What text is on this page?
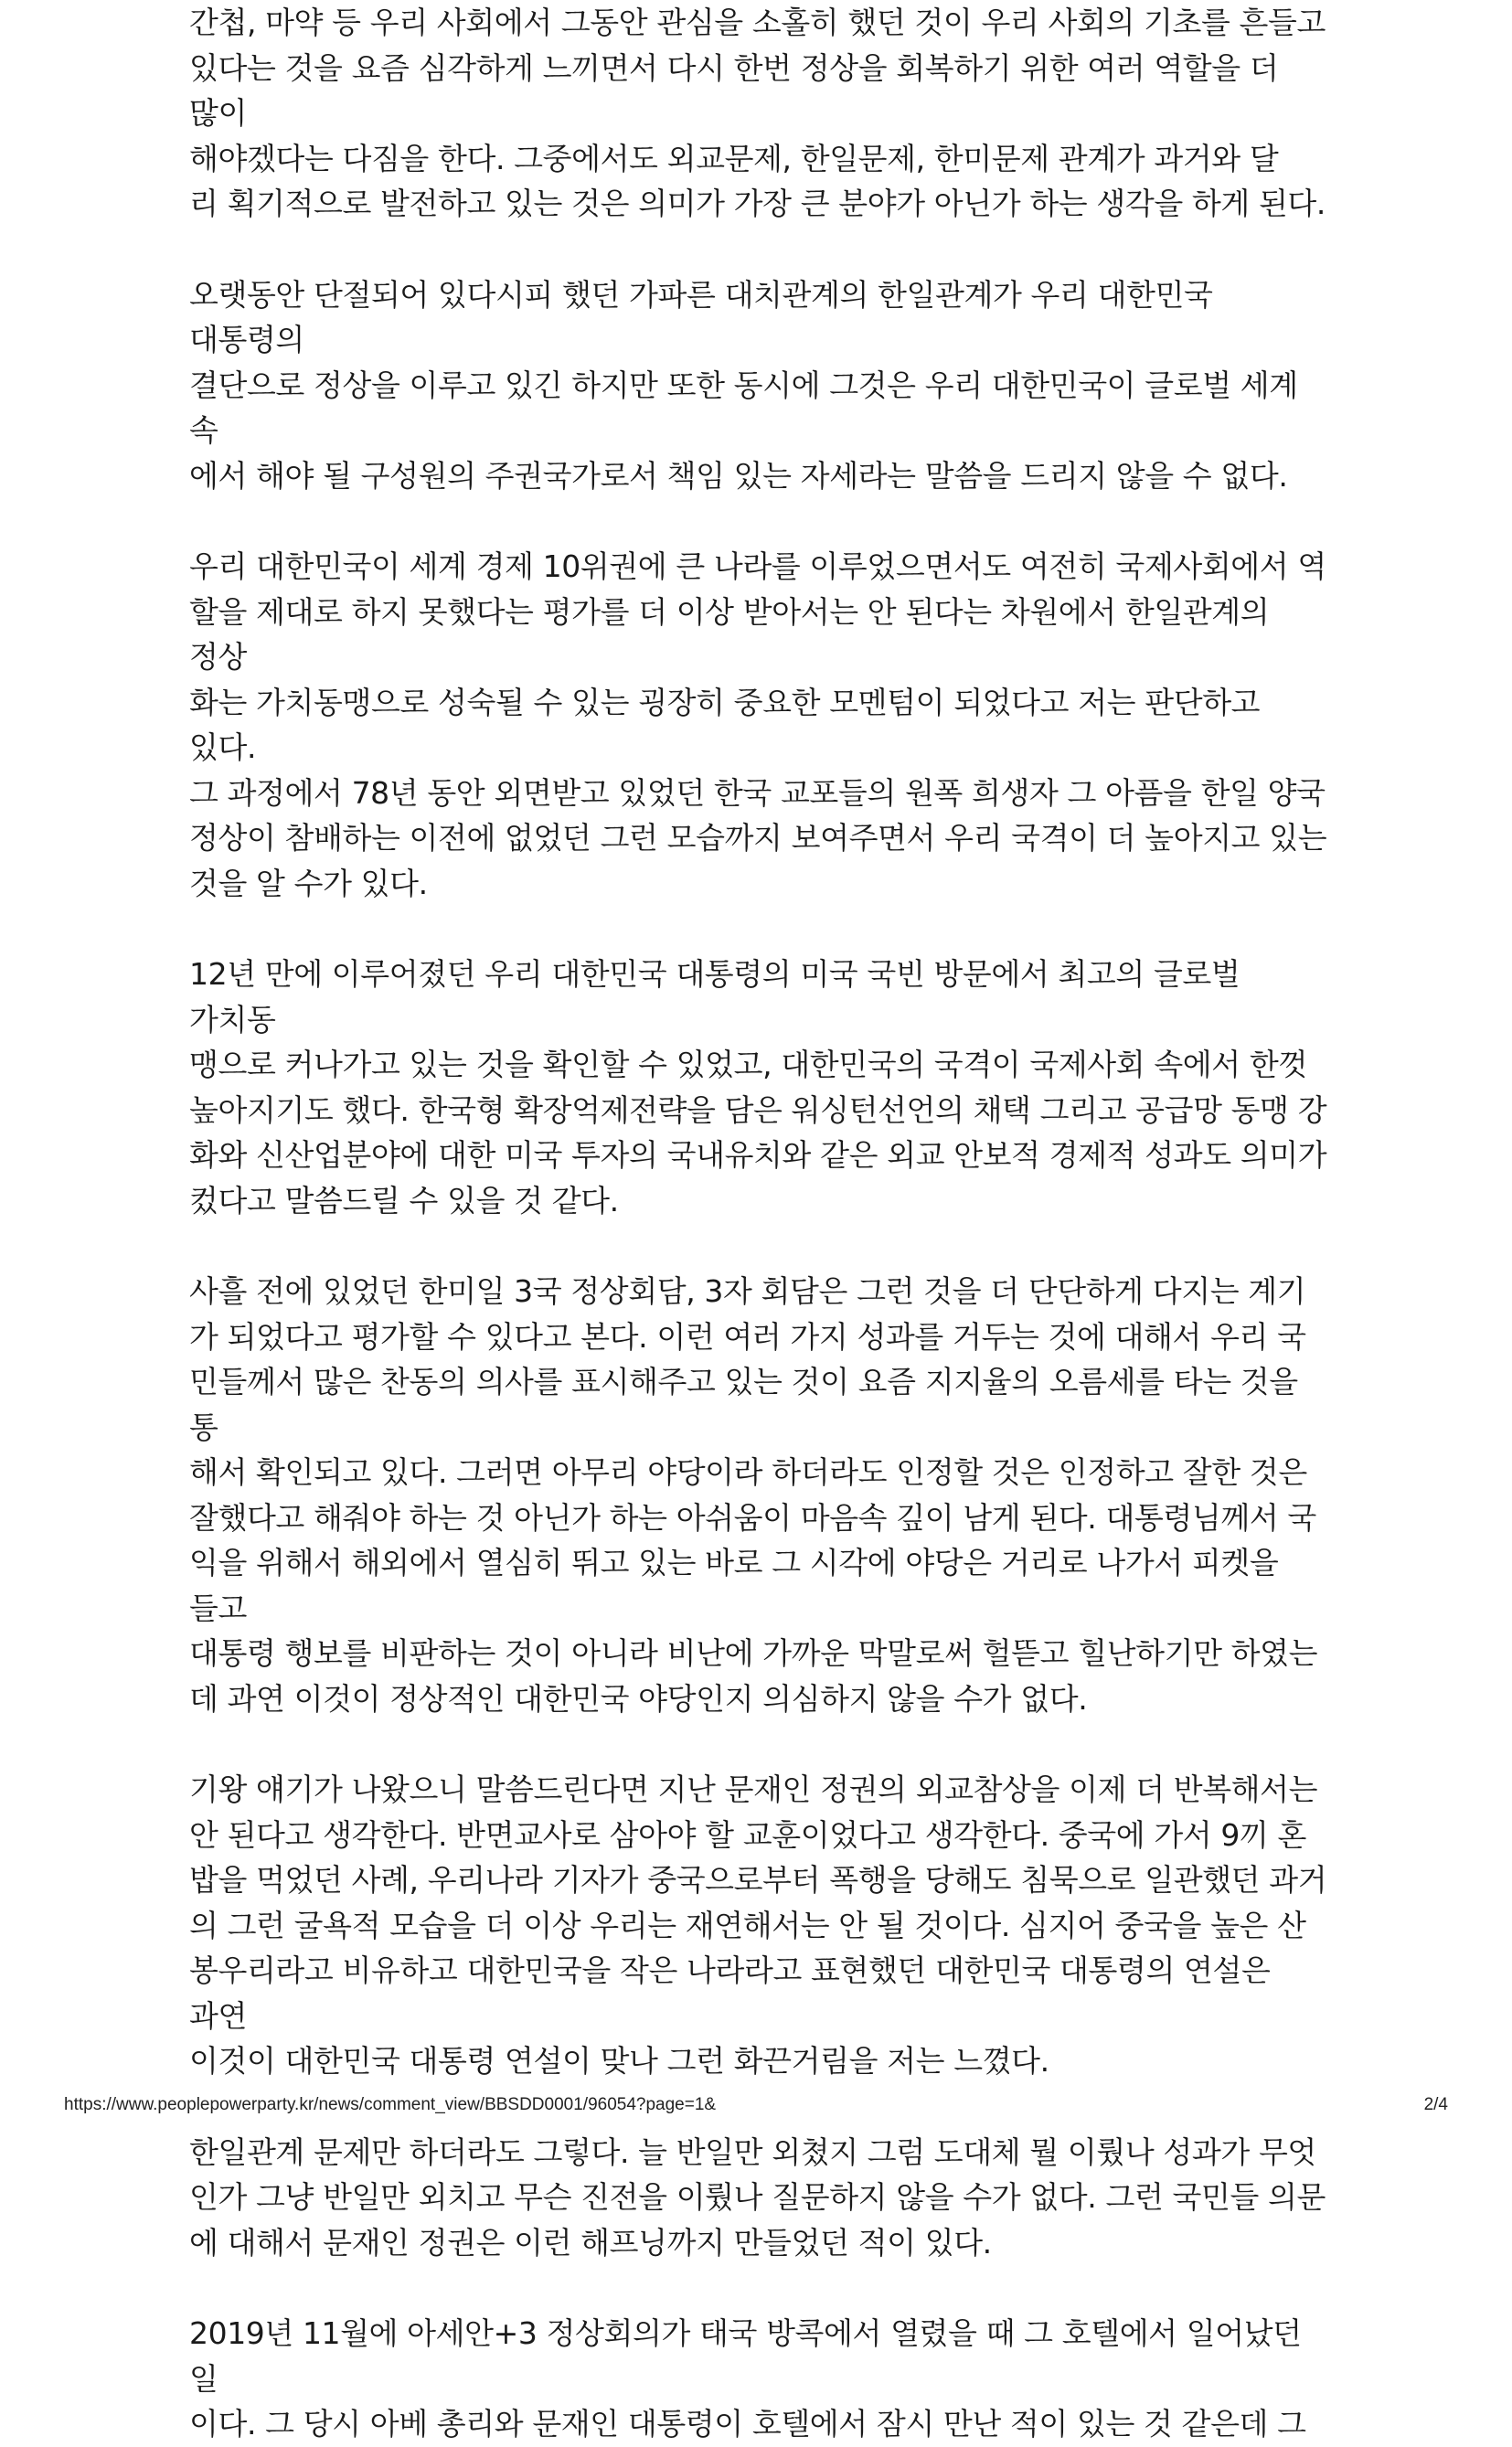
간첩, 마약 등 우리 사회에서 그동안 관심을 소홀히 했던 것이 우리 사회의 기초를 흔들고
있다는 것을 요즘 심각하게 느끼면서 다시 한번 정상을 회복하기 위한 여러 역할을 더 많이
해야겠다는 다짐을 한다. 그중에서도 외교문제, 한일문제, 한미문제 관계가 과거와 달
리 획기적으로 발전하고 있는 것은 의미가 가장 큰 분야가 아닌가 하는 생각을 하게 된다.

오랫동안 단절되어 있다시피 했던 가파른 대치관계의 한일관계가 우리 대한민국 대통령의
결단으로 정상을 이루고 있긴 하지만 또한 동시에 그것은 우리 대한민국이 글로벌 세계 속
에서 해야 될 구성원의 주권국가로서 책임 있는 자세라는 말씀을 드리지 않을 수 없다.

우리 대한민국이 세계 경제 10위권에 큰 나라를 이루었으면서도 여전히 국제사회에서 역
할을 제대로 하지 못했다는 평가를 더 이상 받아서는 안 된다는 차원에서 한일관계의 정상
화는 가치동맹으로 성숙될 수 있는 굉장히 중요한 모멘텀이 되었다고 저는 판단하고 있다.
그 과정에서 78년 동안 외면받고 있었던 한국 교포들의 원폭 희생자 그 아픔을 한일 양국
정상이 참배하는 이전에 없었던 그런 모습까지 보여주면서 우리 국격이 더 높아지고 있는
것을 알 수가 있다.

12년 만에 이루어졌던 우리 대한민국 대통령의 미국 국빈 방문에서 최고의 글로벌 가치동
맹으로 커나가고 있는 것을 확인할 수 있었고, 대한민국의 국격이 국제사회 속에서 한껏
높아지기도 했다. 한국형 확장억제전략을 담은 워싱턴선언의 채택 그리고 공급망 동맹 강
화와 신산업분야에 대한 미국 투자의 국내유치와 같은 외교 안보적 경제적 성과도 의미가
컸다고 말씀드릴 수 있을 것 같다.

사흘 전에 있었던 한미일 3국 정상회담, 3자 회담은 그런 것을 더 단단하게 다지는 계기
가 되었다고 평가할 수 있다고 본다. 이런 여러 가지 성과를 거두는 것에 대해서 우리 국
민들께서 많은 찬동의 의사를 표시해주고 있는 것이 요즘 지지율의 오름세를 타는 것을 통
해서 확인되고 있다. 그러면 아무리 야당이라 하더라도 인정할 것은 인정하고 잘한 것은
잘했다고 해줘야 하는 것 아닌가 하는 아쉬움이 마음속 깊이 남게 된다. 대통령님께서 국
익을 위해서 해외에서 열심히 뛰고 있는 바로 그 시각에 야당은 거리로 나가서 피켓을 들고
대통령 행보를 비판하는 것이 아니라 비난에 가까운 막말로써 헐뜯고 힐난하기만 하였는
데 과연 이것이 정상적인 대한민국 야당인지 의심하지 않을 수가 없다.

기왕 얘기가 나왔으니 말씀드린다면 지난 문재인 정권의 외교참상을 이제 더 반복해서는
안 된다고 생각한다. 반면교사로 삼아야 할 교훈이었다고 생각한다. 중국에 가서 9끼 혼
밥을 먹었던 사례, 우리나라 기자가 중국으로부터 폭행을 당해도 침묵으로 일관했던 과거
의 그런 굴욕적 모습을 더 이상 우리는 재연해서는 안 될 것이다. 심지어 중국을 높은 산
봉우리라고 비유하고 대한민국을 작은 나라라고 표현했던 대한민국 대통령의 연설은 과연
이것이 대한민국 대통령 연설이 맞나 그런 화끈거림을 저는 느꼈다.

한일관계 문제만 하더라도 그렇다. 늘 반일만 외쳤지 그럼 도대체 뭘 이뤘나 성과가 무엇
인가 그냥 반일만 외치고 무슨 진전을 이뤘나 질문하지 않을 수가 없다. 그런 국민들 의문
에 대해서 문재인 정권은 이런 해프닝까지 만들었던 적이 있다.

2019년 11월에 아세안+3 정상회의가 태국 방콕에서 열렸을 때 그 호텔에서 일어났던 일
이다. 그 당시 아베 총리와 문재인 대통령이 호텔에서 잠시 만난 적이 있는 것 같은데 그

https://www.peoplepowerparty.kr/news/comment_view/BBSDD0001/96054?page=1&	2/4
